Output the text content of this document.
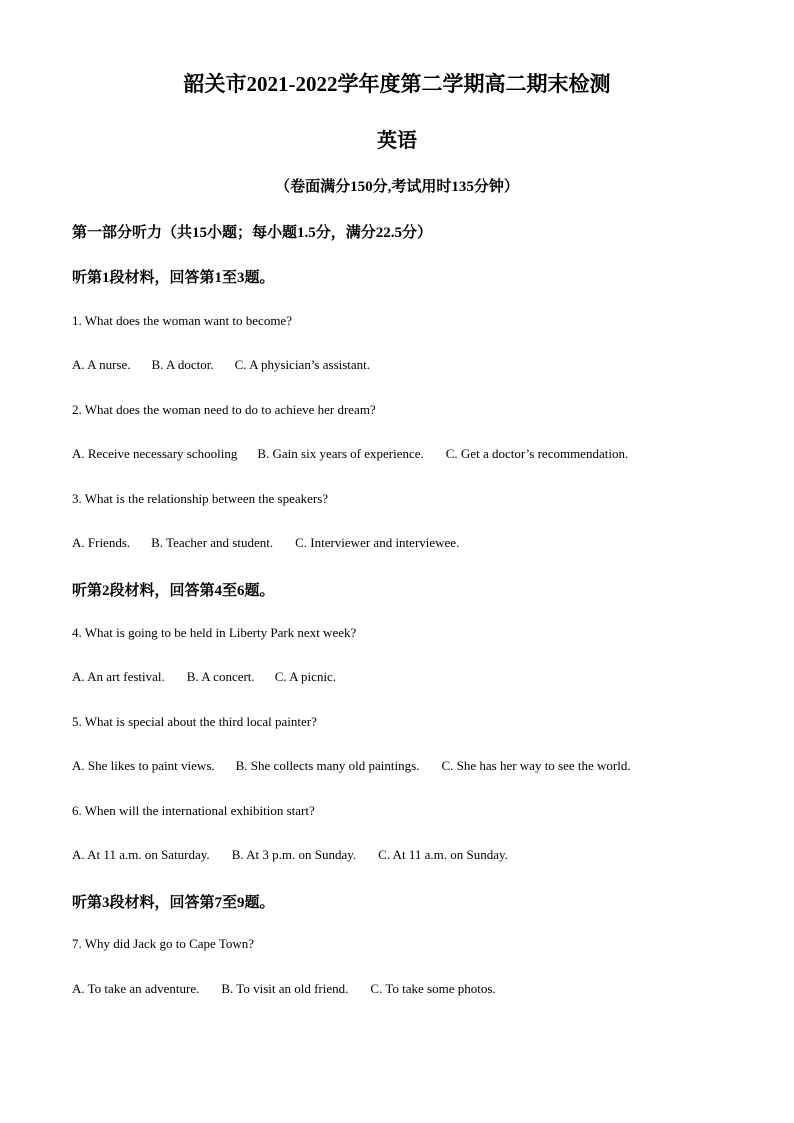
韶关市2021-2022学年度第二学期高二期末检测
英语
（卷面满分150分,考试用时135分钟）
第一部分听力（共15小题；每小题1.5分，满分22.5分）
听第1段材料，回答第1至3题。
1. What does the woman want to become?
A. A nurse. B. A doctor. C. A physician’s assistant.
2. What does the woman need to do to achieve her dream?
A. Receive necessary schooling B. Gain six years of experience. C. Get a doctor’s recommendation.
3. What is the relationship between the speakers?
A. Friends. B. Teacher and student. C. Interviewer and interviewee.
听第2段材料，回答第4至6题。
4. What is going to be held in Liberty Park next week?
A. An art festival. B. A concert. C. A picnic.
5. What is special about the third local painter?
A. She likes to paint views. B. She collects many old paintings. C. She has her way to see the world.
6. When will the international exhibition start?
A. At 11 a.m. on Saturday. B. At 3 p.m. on Sunday. C. At 11 a.m. on Sunday.
听第3段材料，回答第7至9题。
7. Why did Jack go to Cape Town?
A. To take an adventure. B. To visit an old friend. C. To take some photos.
